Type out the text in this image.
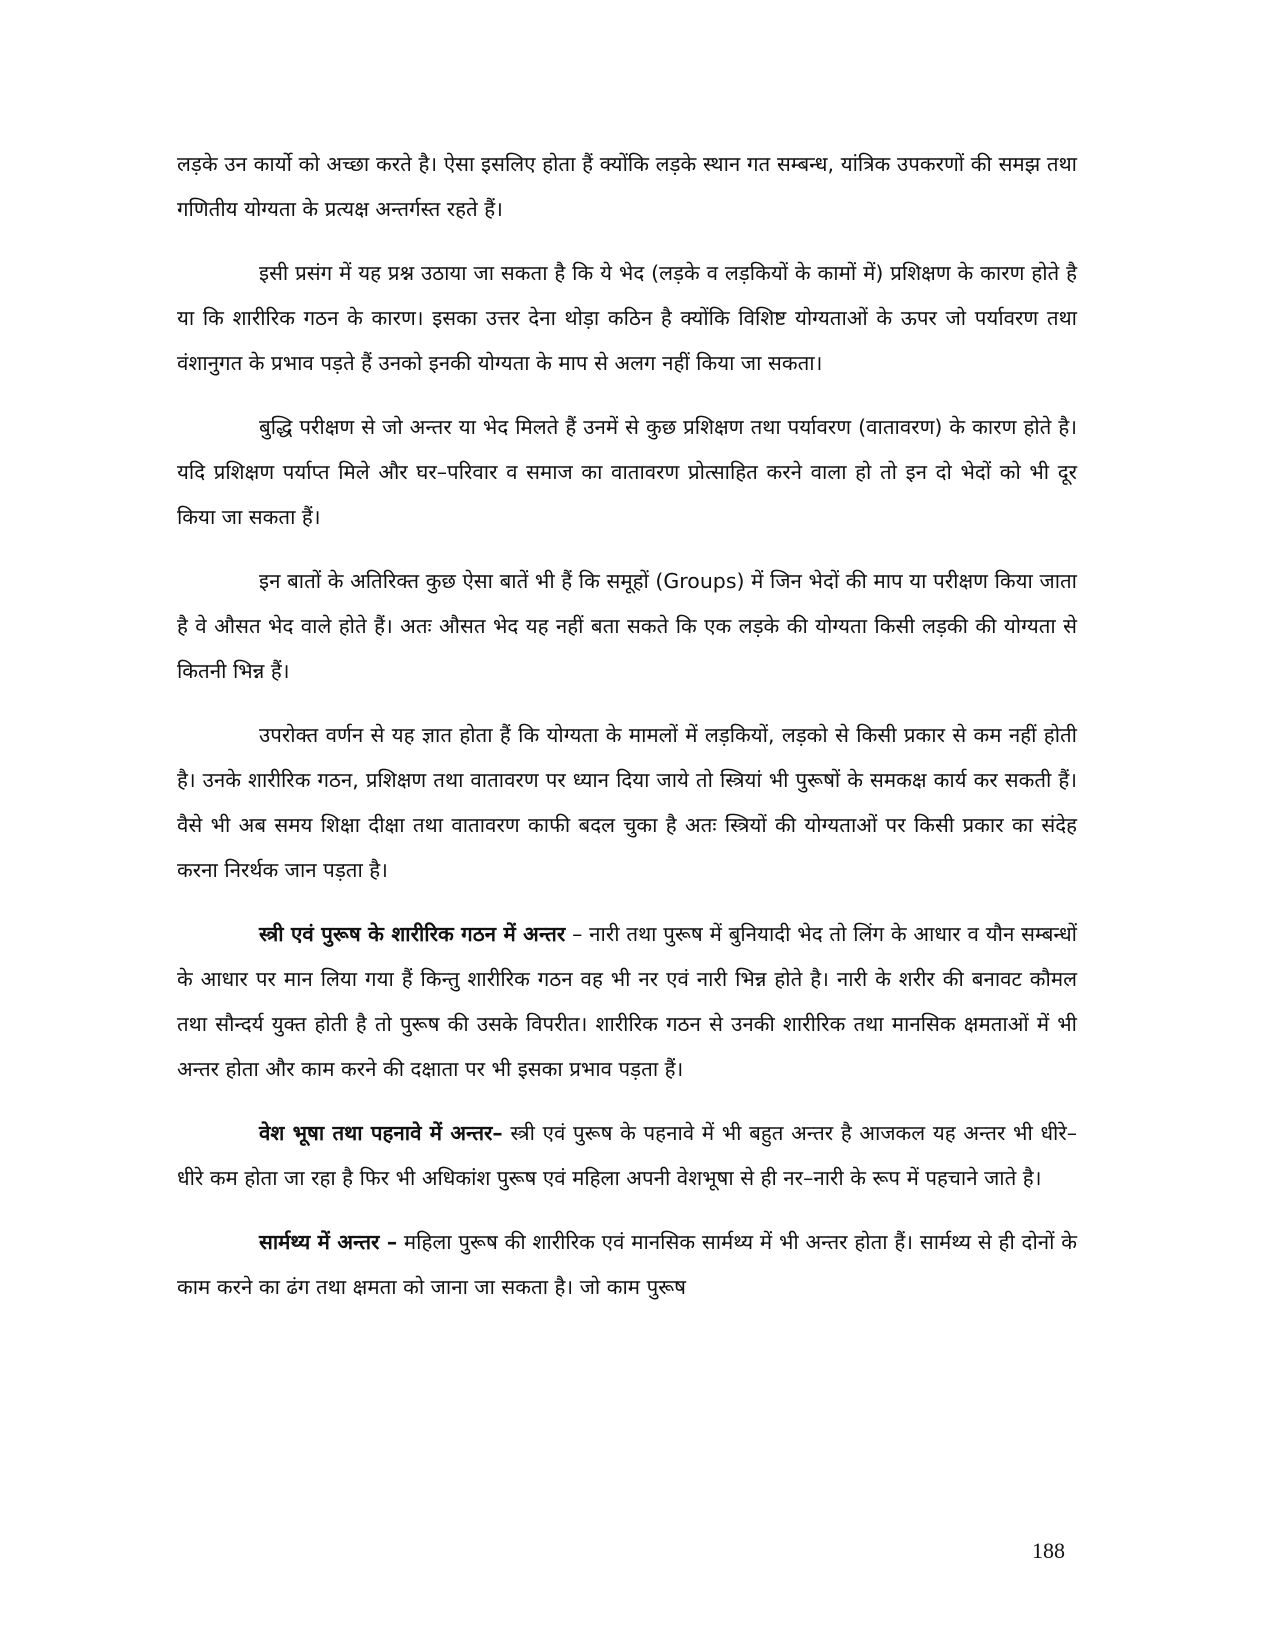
लड़के उन कार्यो को अच्छा करते है। ऐसा इसलिए होता हैं क्योंकि लड़के स्थान गत सम्बन्ध, यांत्रिक उपकरणों की समझ तथा गणितीय योग्यता के प्रत्यक्ष अन्तर्गस्त रहते हैं।

इसी प्रसंग में यह प्रश्न उठाया जा सकता है कि ये भेद (लड़के व लड़कियों के कामों में) प्रशिक्षण के कारण होते है या कि शारीरिक गठन के कारण। इसका उत्तर देना थोड़ा कठिन है क्योंकि विशिष्ट योग्यताओं के ऊपर जो पर्यावरण तथा वंशानुगत के प्रभाव पड़ते हैं उनको इनकी योग्यता के माप से अलग नहीं किया जा सकता।

बुद्धि परीक्षण से जो अन्तर या भेद मिलते हैं उनमें से कुछ प्रशिक्षण तथा पर्यावरण (वातावरण) के कारण होते है। यदि प्रशिक्षण पर्याप्त मिले और घर–परिवार व समाज का वातावरण प्रोत्साहित करने वाला हो तो इन दो भेदों को भी दूर किया जा सकता हैं।

इन बातों के अतिरिक्त कुछ ऐसा बातें भी हैं कि समूहों (Groups) में जिन भेदों की माप या परीक्षण किया जाता है वे औसत भेद वाले होते हैं। अतः औसत भेद यह नहीं बता सकते कि एक लड़के की योग्यता किसी लड़की की योग्यता से कितनी भिन्न हैं।

उपरोक्त वर्णन से यह ज्ञात होता हैं कि योग्यता के मामलों में लड़कियों, लड़को से किसी प्रकार से कम नहीं होती है। उनके शारीरिक गठन, प्रशिक्षण तथा वातावरण पर ध्यान दिया जाये तो स्त्रियां भी पुरूषों के समकक्ष कार्य कर सकती हैं। वैसे भी अब समय शिक्षा दीक्षा तथा वातावरण काफी बदल चुका है अतः स्त्रियों की योग्यताओं पर किसी प्रकार का संदेह करना निरर्थक जान पड़ता है।

स्त्री एवं पुरूष के शारीरिक गठन में अन्तर – नारी तथा पुरूष में बुनियादी भेद तो लिंग के आधार व यौन सम्बन्धों के आधार पर मान लिया गया हैं किन्तु शारीरिक गठन वह भी नर एवं नारी भिन्न होते है। नारी के शरीर की बनावट कौमल तथा सौन्दर्य युक्त होती है तो पुरूष की उसके विपरीत। शारीरिक गठन से उनकी शारीरिक तथा मानसिक क्षमताओं में भी अन्तर होता और काम करने की दक्षाता पर भी इसका प्रभाव पड़ता हैं।

वेश भूषा तथा पहनावे में अन्तर– स्त्री एवं पुरूष के पहनावे में भी बहुत अन्तर है आजकल यह अन्तर भी धीरे–धीरे कम होता जा रहा है फिर भी अधिकांश पुरूष एवं महिला अपनी वेशभूषा से ही नर–नारी के रूप में पहचाने जाते है।

सार्मथ्य में अन्तर – महिला पुरूष की शारीरिक एवं मानसिक सार्मथ्य में भी अन्तर होता हैं। सार्मथ्य से ही दोनों के काम करने का ढंग तथा क्षमता को जाना जा सकता है। जो काम पुरूष

188
